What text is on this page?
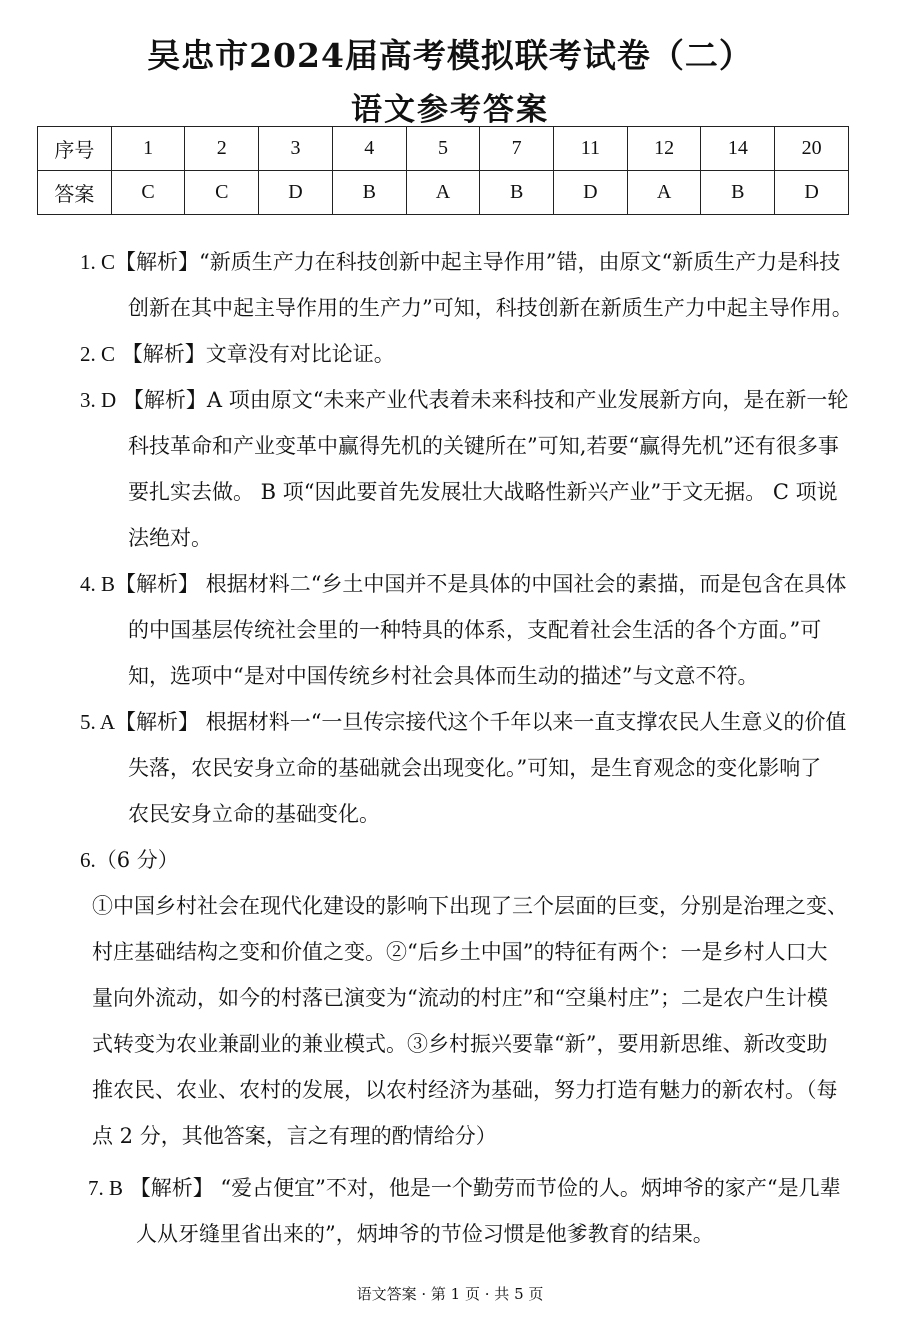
吴忠市2024届高考模拟联考试卷（二）
语文参考答案
序号	1	2	3	4	5	7	11	12	14	20
答案	C	C	D	B	A	B	D	A	B	D
1. C【解析】“新质生产力在科技创新中起主导作用”错，由原文“新质生产力是科技
创新在其中起主导作用的生产力”可知，科技创新在新质生产力中起主导作用。
2. C 【解析】文章没有对比论证。
3. D 【解析】A 项由原文“未来产业代表着未来科技和产业发展新方向，是在新一轮
科技革命和产业变革中赢得先机的关键所在”可知,若要“赢得先机”还有很多事
要扎实去做。 B 项“因此要首先发展壮大战略性新兴产业”于文无据。 C 项说
法绝对。
4. B【解析】 根据材料二“乡土中国并不是具体的中国社会的素描，而是包含在具体
的中国基层传统社会里的一种特具的体系，支配着社会生活的各个方面。”可
知，选项中“是对中国传统乡村社会具体而生动的描述”与文意不符。
5. A【解析】 根据材料一“一旦传宗接代这个千年以来一直支撑农民人生意义的价值
失落，农民安身立命的基础就会出现变化。”可知，是生育观念的变化影响了
农民安身立命的基础变化。
6.（6 分）
①中国乡村社会在现代化建设的影响下出现了三个层面的巨变，分别是治理之变、
村庄基础结构之变和价值之变。②“后乡土中国”的特征有两个：一是乡村人口大
量向外流动，如今的村落已演变为“流动的村庄”和“空巢村庄”；二是农户生计模
式转变为农业兼副业的兼业模式。③乡村振兴要靠“新”，要用新思维、新改变助
推农民、农业、农村的发展，以农村经济为基础，努力打造有魅力的新农村。（每
点 2 分，其他答案，言之有理的酌情给分）
7. B 【解析】 “爱占便宜”不对，他是一个勤劳而节俭的人。炳坤爷的家产“是几辈
人从牙缝里省出来的”，炳坤爷的节俭习惯是他爹教育的结果。
语文答案 · 第 1 页 · 共 5 页
